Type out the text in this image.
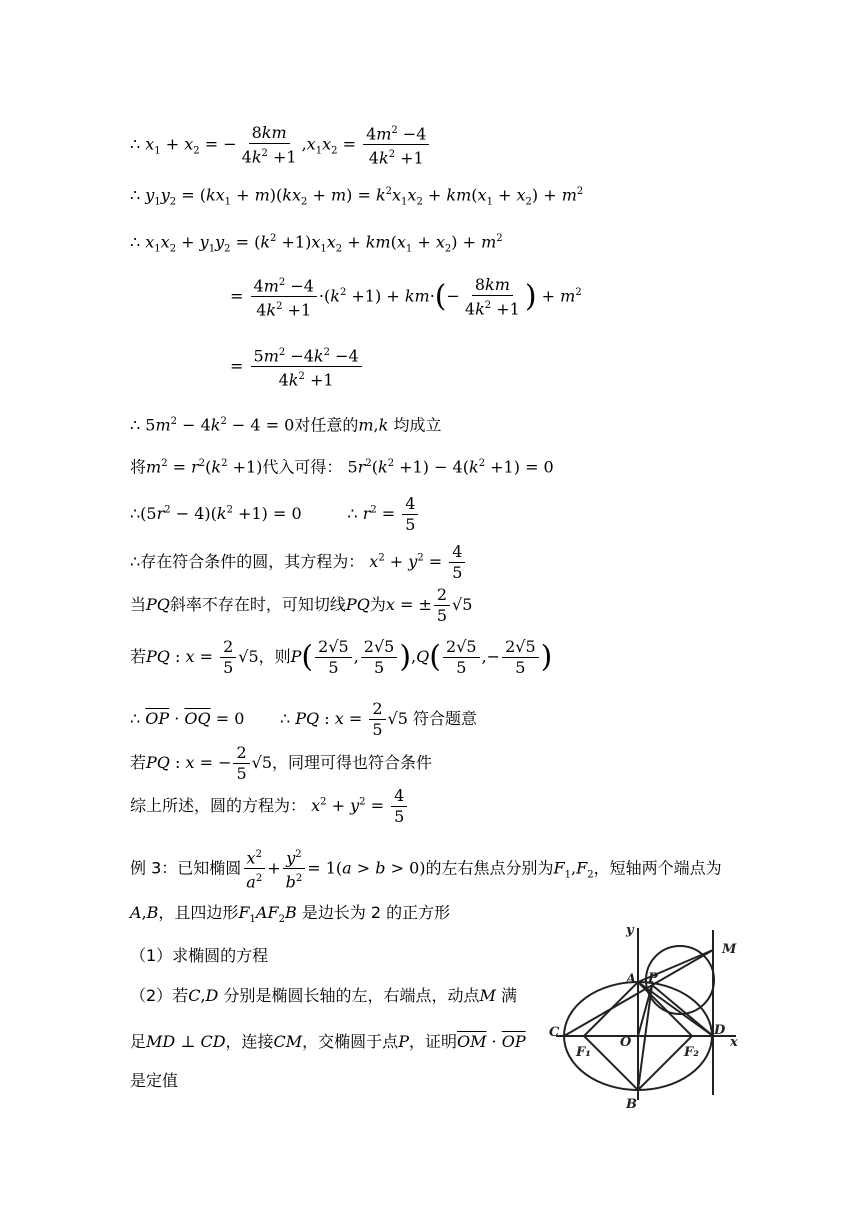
∴ $x_1 + x_2$ = − $\frac{8km}{4k^2 +1} ,x_1x_2 = \frac{4m^2 -4}{4k^2 +1}$
∴ $y_1y_2 = (kx_1 + m)(kx_2 + m) = k^2x_1x_2 + km(x_1 + x_2) + m^2$
∴ $x_1x_2 + y_1y_2 = (k^2 +1)x_1x_2 + km(x_1 + x_2) + m^2$
= $\frac{4m^2 -4}{4k^2 +1} \cdot(k^2 +1) + km\cdot(- \frac{8km}{4k^2 +1}$ ) + $m^2$
= $\frac{5m^2 -4k^2 -4}{4k^2 +1}$
∴ $5m^2 - 4k^2 - 4 = 0$对任意的m,k 均成立
将$m^2 = r^2(k^2 +1)$代入可得： $5r^2(k^2 +1) - 4(k^2 +1) = 0$
$\therefore(5r^2 - 4)(k^2 +1) = 0$         ∴ $r^2 = \frac{4}{5}$
∴存在符合条件的圆，其方程为： $x^2 + y^2 = \frac{4}{5}$
当PQ斜率不存在时，可知切线PQ为x = ± $\frac{2}{5} √5$
若PQ : $x = \frac{2}{5} √5$，则$P( \frac{2√5}{5}$ , $\frac{2√5}{5} ),Q( \frac{2√5}{5}$ ,− $\frac{2√5}{5}$ )
∴ $\overline{OP} \cdot \overline{OQ} = 0$       ∴ PQ : $x = \frac{2}{5} √5$ 符合题意
若PQ : x = − $\frac{2}{5} √5$，同理可得也符合条件
综上所述，圆的方程为： $x^2 + y^2 = \frac{4}{5}$
例 3：已知椭圆 $\frac{x^2}{a^2} + \frac{y^2}{b^2} = 1(a > b > 0)$的左右焦点分别为$F_1,F_2$，短轴两个端点为
A,B，且四边形$F_1AF_2B$ 是边长为 2 的正方形
（1）求椭圆的方程
（2）若C,D 分别是椭圆长轴的左，右端点，动点M 满
足MD ⊥ CD，连接CM，交椭圆于点P，证明$\overline{OM} \cdot \overline{OP}$
是定值
y
x
M
A P
C
O
D
F₁	F₂
B
